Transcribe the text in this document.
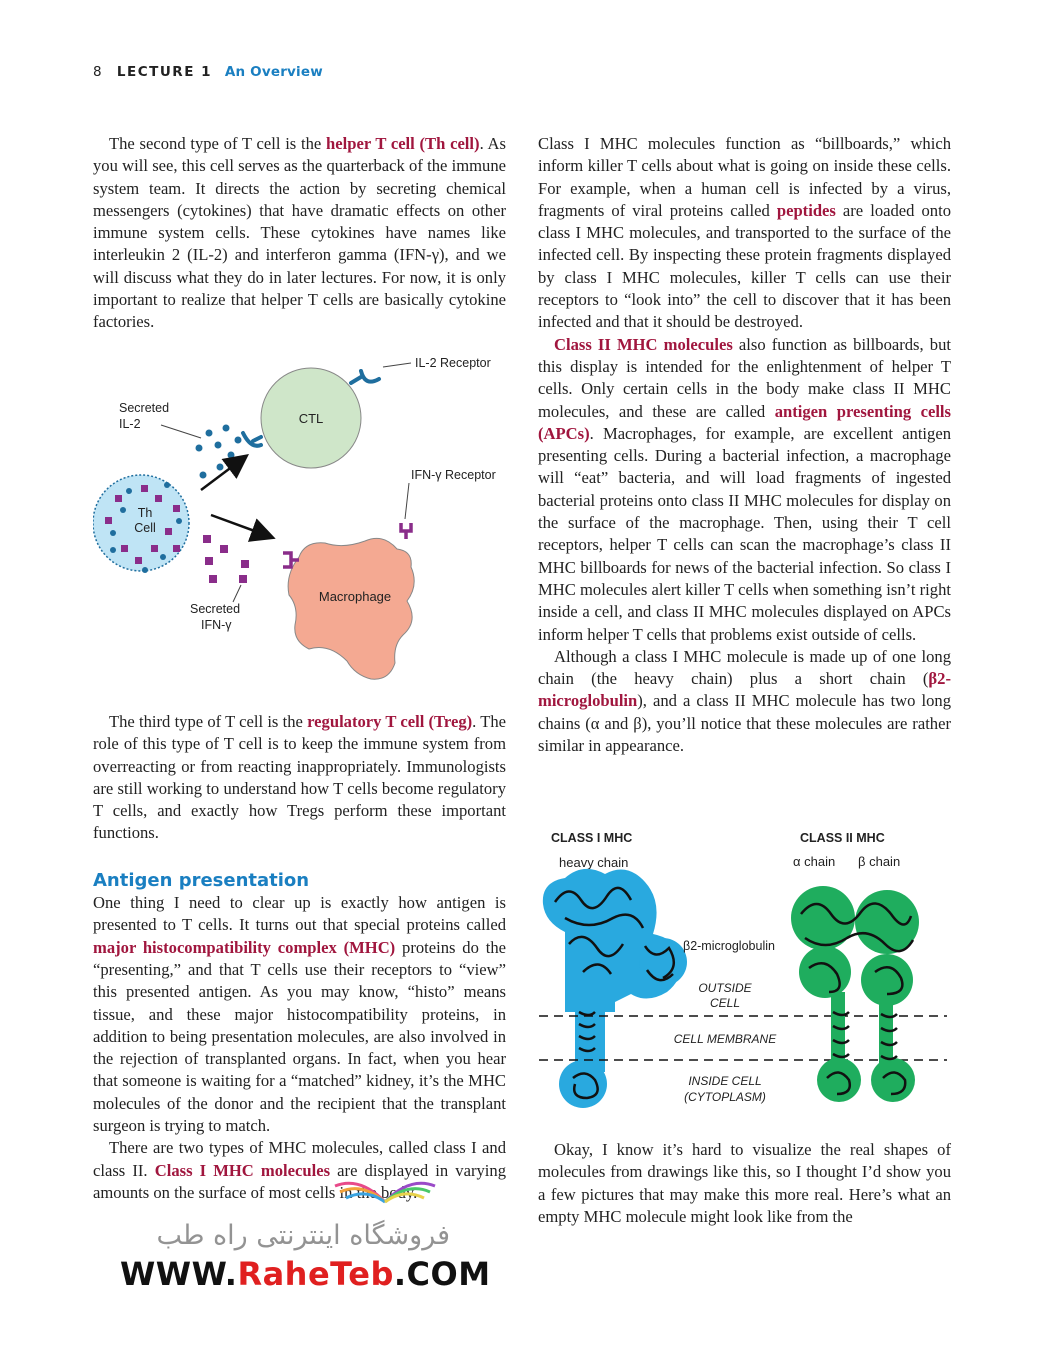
8 LECTURE 1 An Overview

The second type of T cell is the helper T cell (Th cell). As you will see, this cell serves as the quarterback of the immune system team. It directs the action by secreting chemical messengers (cytokines) that have dramatic effects on other immune system cells. These cytokines have names like interleukin 2 (IL-2) and interferon gamma (IFN-γ), and we will discuss what they do in later lectures. For now, it is only important to realize that helper T cells are basically cytokine factories.

CTL
IL-2 Receptor
Secreted
IL-2
Th
Cell
Macrophage
IFN-γ Receptor
Secreted
IFN-γ

The third type of T cell is the regulatory T cell (Treg). The role of this type of T cell is to keep the immune system from overreacting or from reacting inappropriately. Immunologists are still working to understand how T cells become regulatory T cells, and exactly how Tregs perform these important functions.

Antigen presentation

One thing I need to clear up is exactly how antigen is presented to T cells. It turns out that special proteins called major histocompatibility complex (MHC) proteins do the “presenting,” and that T cells use their receptors to “view” this presented antigen. As you may know, “histo” means tissue, and these major histocompatibility proteins, in addition to being presentation molecules, are also involved in the rejection of transplanted organs. In fact, when you hear that someone is waiting for a “matched” kidney, it’s the MHC molecules of the donor and the recipient that the transplant surgeon is trying to match.

There are two types of MHC molecules, called class I and class II. Class I MHC molecules are displayed in varying amounts on the surface of most cells in the body.

Class I MHC molecules function as “billboards,” which inform killer T cells about what is going on inside these cells. For example, when a human cell is infected by a virus, fragments of viral proteins called peptides are loaded onto class I MHC molecules, and transported to the surface of the infected cell. By inspecting these protein fragments displayed by class I MHC molecules, killer T cells can use their receptors to “look into” the cell to discover that it has been infected and that it should be destroyed.

Class II MHC molecules also function as billboards, but this display is intended for the enlightenment of helper T cells. Only certain cells in the body make class II MHC molecules, and these are called antigen presenting cells (APCs). Macrophages, for example, are excellent antigen presenting cells. During a bacterial infection, a macrophage will “eat” bacteria, and will load fragments of ingested bacterial proteins onto class II MHC molecules for display on the surface of the macrophage. Then, using their T cell receptors, helper T cells can scan the macrophage’s class II MHC billboards for news of the bacterial infection. So class I MHC molecules alert killer T cells when something isn’t right inside a cell, and class II MHC molecules displayed on APCs inform helper T cells that problems exist outside of cells.

Although a class I MHC molecule is made up of one long chain (the heavy chain) plus a short chain (β2-microglobulin), and a class II MHC molecule has two long chains (α and β), you’ll notice that these molecules are rather similar in appearance.

CLASS I MHC	CLASS II MHC
heavy chain	α chain β chain
β2-microglobulin
OUTSIDE
CELL
CELL MEMBRANE
INSIDE CELL
(CYTOPLASM)

Okay, I know it’s hard to visualize the real shapes of molecules from drawings like this, so I thought I’d show you a few pictures that may make this more real. Here’s what an empty MHC molecule might look like from the

فروشگاه اینترنتی راه طب
WWW.RaheTeb.COM
